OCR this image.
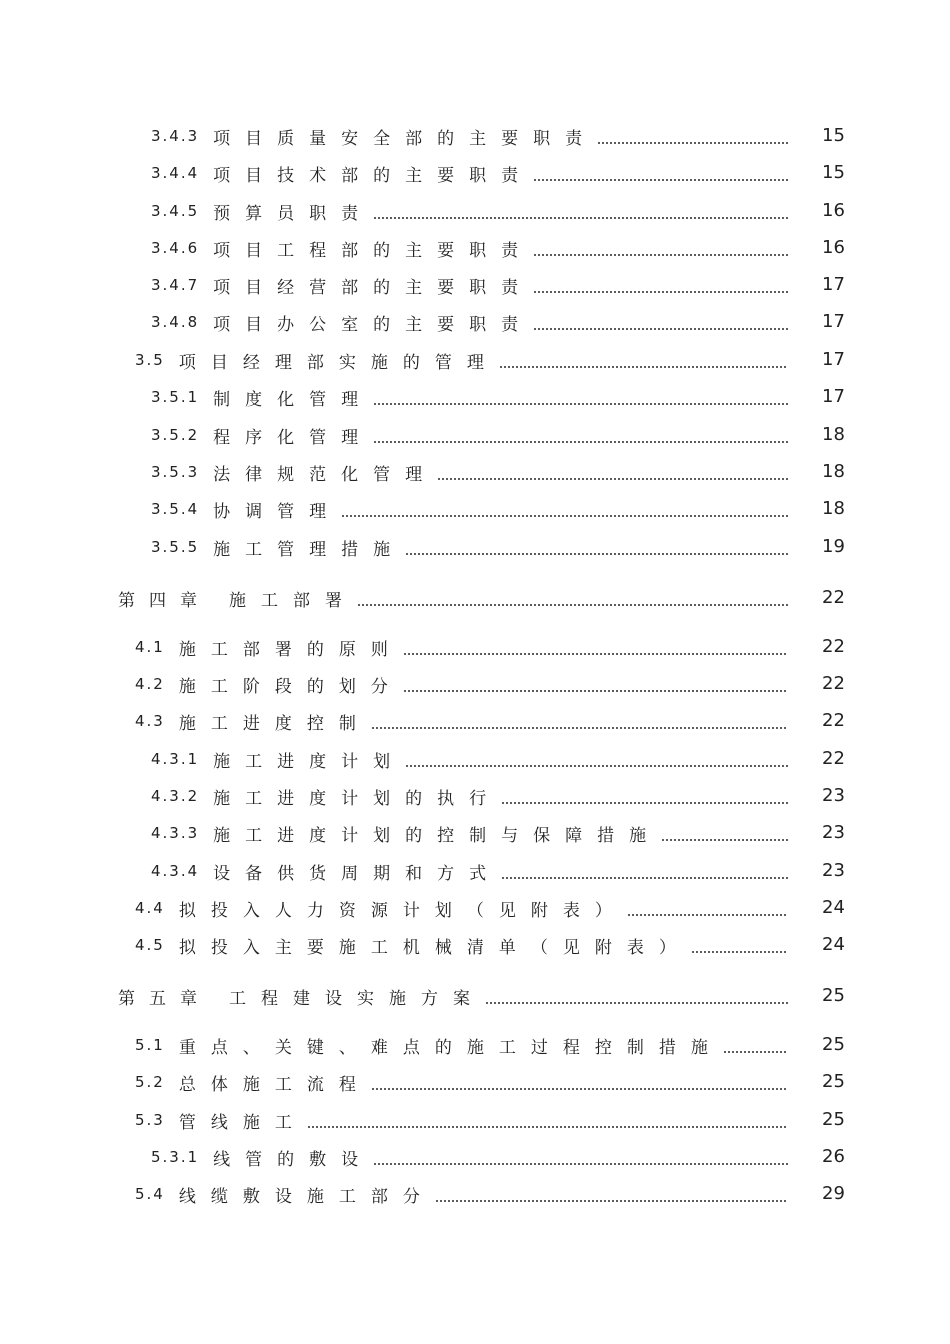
3.4.3 项目质量安全部的主要职责	15
3.4.4 项目技术部的主要职责	15
3.4.5 预算员职责	16
3.4.6 项目工程部的主要职责	16
3.4.7 项目经营部的主要职责	17
3.4.8 项目办公室的主要职责	17
3.5 项目经理部实施的管理	17
3.5.1 制度化管理	17
3.5.2 程序化管理	18
3.5.3 法律规范化管理	18
3.5.4 协调管理	18
3.5.5 施工管理措施	19
第四章 施工部署	22
4.1 施工部署的原则	22
4.2 施工阶段的划分	22
4.3 施工进度控制	22
4.3.1 施工进度计划	22
4.3.2 施工进度计划的执行	23
4.3.3 施工进度计划的控制与保障措施	23
4.3.4 设备供货周期和方式	23
4.4 拟投入人力资源计划（见附表）	24
4.5 拟投入主要施工机械清单（见附表）	24
第五章 工程建设实施方案	25
5.1 重点、关键、难点的施工过程控制措施	25
5.2 总体施工流程	25
5.3 管线施工	25
5.3.1 线管的敷设	26
5.4 线缆敷设施工部分	29
